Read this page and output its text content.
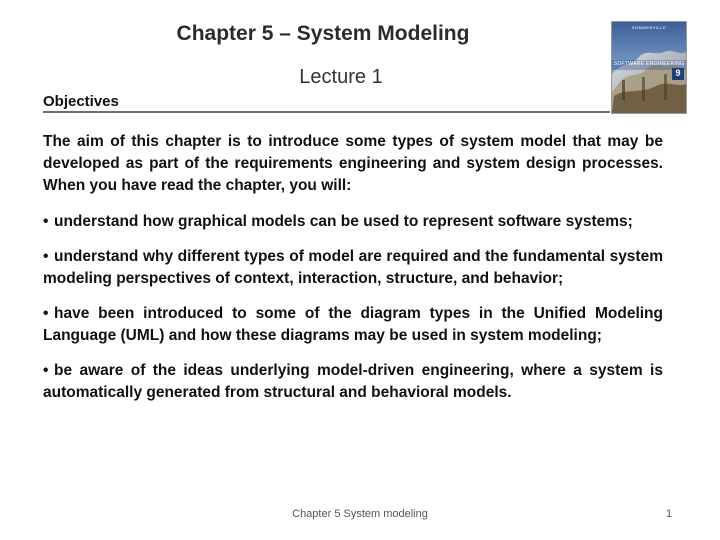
Chapter 5 – System Modeling
Lecture 1
SOMMERVILLE
SOFTWARE ENGINEERING
9
Objectives

The aim of this chapter is to introduce some types of system model that may be developed as part of the requirements engineering and system design processes. When you have read the chapter, you will:

• understand how graphical models can be used to represent software systems;

• understand why different types of model are required and the fundamental system modeling perspectives of context, interaction, structure, and behavior;

• have been introduced to some of the diagram types in the Unified Modeling Language (UML) and how these diagrams may be used in system modeling;

• be aware of the ideas underlying model-driven engineering, where a system is automatically generated from structural and behavioral models.

Chapter 5 System modeling	1
